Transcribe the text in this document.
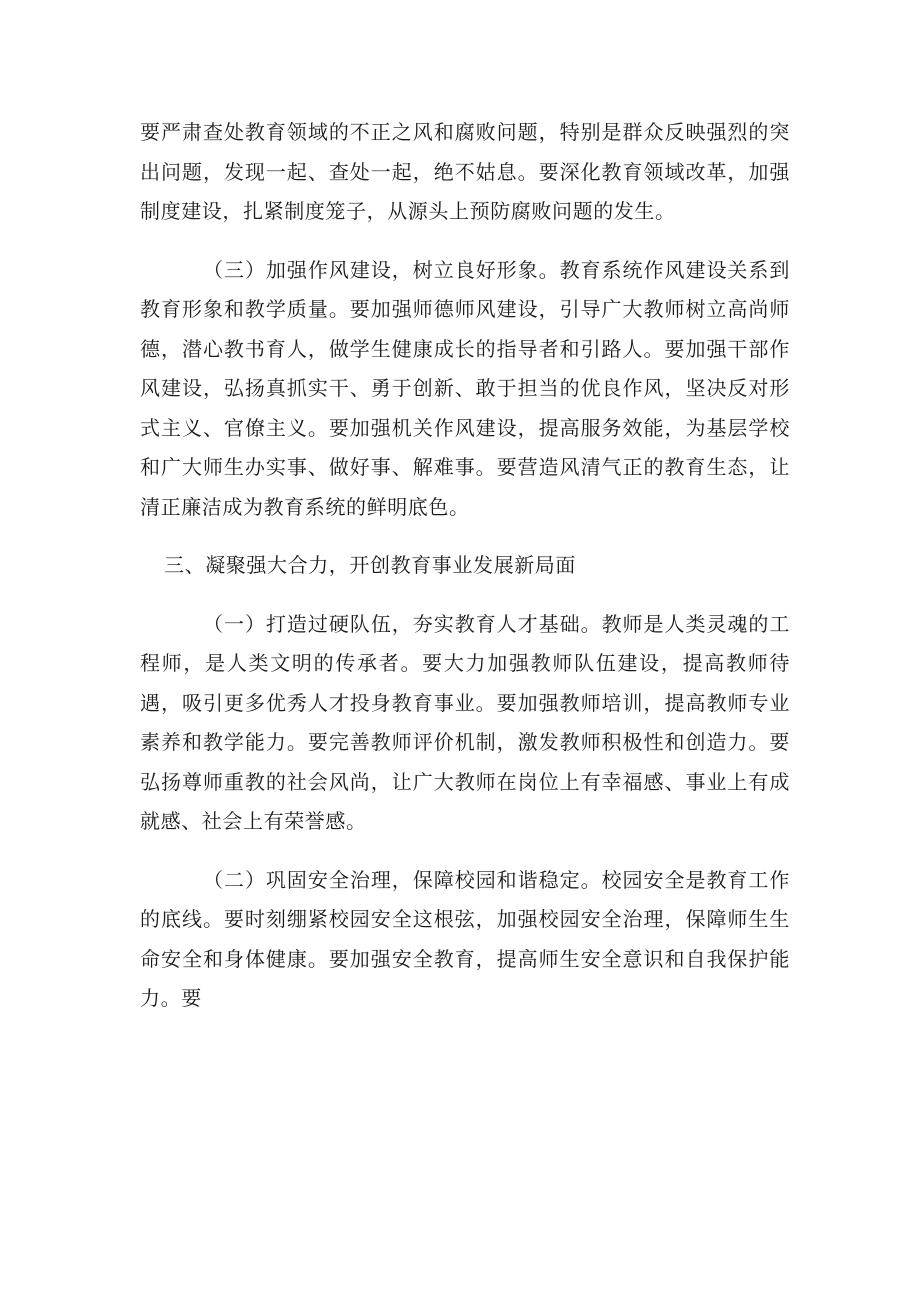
要严肃查处教育领域的不正之风和腐败问题，特别是群众反映强烈的突出问题，发现一起、查处一起，绝不姑息。要深化教育领域改革，加强制度建设，扎紧制度笼子，从源头上预防腐败问题的发生。

（三）加强作风建设，树立良好形象。教育系统作风建设关系到教育形象和教学质量。要加强师德师风建设，引导广大教师树立高尚师德，潜心教书育人，做学生健康成长的指导者和引路人。要加强干部作风建设，弘扬真抓实干、勇于创新、敢于担当的优良作风，坚决反对形式主义、官僚主义。要加强机关作风建设，提高服务效能，为基层学校和广大师生办实事、做好事、解难事。要营造风清气正的教育生态，让清正廉洁成为教育系统的鲜明底色。

三、凝聚强大合力，开创教育事业发展新局面

（一）打造过硬队伍，夯实教育人才基础。教师是人类灵魂的工程师，是人类文明的传承者。要大力加强教师队伍建设，提高教师待遇，吸引更多优秀人才投身教育事业。要加强教师培训，提高教师专业素养和教学能力。要完善教师评价机制，激发教师积极性和创造力。要弘扬尊师重教的社会风尚，让广大教师在岗位上有幸福感、事业上有成就感、社会上有荣誉感。

（二）巩固安全治理，保障校园和谐稳定。校园安全是教育工作的底线。要时刻绷紧校园安全这根弦，加强校园安全治理，保障师生生命安全和身体健康。要加强安全教育，提高师生安全意识和自我保护能力。要
